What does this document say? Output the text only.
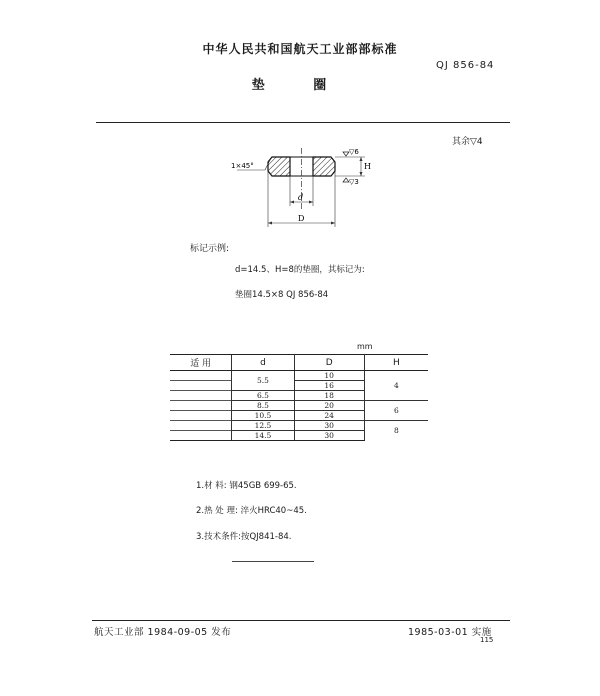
中华人民共和国航天工业部部标准
QJ 856-84
垫 圈
其余▽4
1×45°
▽6
▽3
H
d
D
标记示例:
d=14.5、H=8的垫圈，其标记为:
垫圈14.5×8 QJ 856-84
mm
适 用	d	D	H
	5.5	10	4
		16	
	6.5	18	
	8.5	20	6
	10.5	24	
	12.5	30	8
	14.5	30	
1.材 料: 钢45GB 699-65.
2.热 处 理: 淬火HRC40~45.
3.技术条件:按QJ841-84.
航天工业部 1984-09-05 发布	1985-03-01 实施
115
